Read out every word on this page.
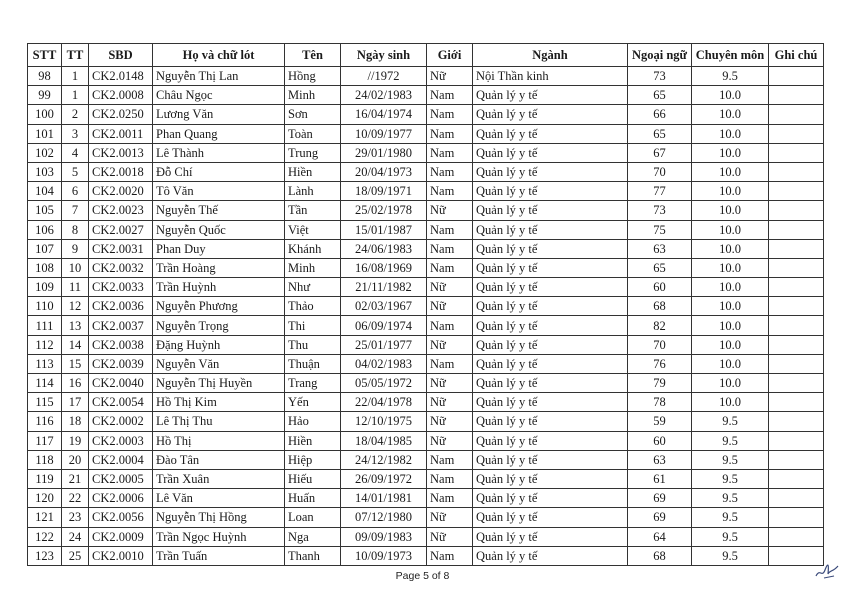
STT	TT	SBD	Họ và chữ lót	Tên	Ngày sinh	Giới	Ngành	Ngoại ngữ	Chuyên môn	Ghi chú
98	1	CK2.0148	Nguyễn Thị Lan	Hồng	//1972	Nữ	Nội Thần kinh	73	9.5	
99	1	CK2.0008	Châu Ngọc	Minh	24/02/1983	Nam	Quản lý y tế	65	10.0	
100	2	CK2.0250	Lương Văn	Sơn	16/04/1974	Nam	Quản lý y tế	66	10.0	
101	3	CK2.0011	Phan Quang	Toàn	10/09/1977	Nam	Quản lý y tế	65	10.0	
102	4	CK2.0013	Lê Thành	Trung	29/01/1980	Nam	Quản lý y tế	67	10.0	
103	5	CK2.0018	Đỗ Chí	Hiền	20/04/1973	Nam	Quản lý y tế	70	10.0	
104	6	CK2.0020	Tô Văn	Lành	18/09/1971	Nam	Quản lý y tế	77	10.0	
105	7	CK2.0023	Nguyễn Thế	Tần	25/02/1978	Nữ	Quản lý y tế	73	10.0	
106	8	CK2.0027	Nguyễn Quốc	Việt	15/01/1987	Nam	Quản lý y tế	75	10.0	
107	9	CK2.0031	Phan Duy	Khánh	24/06/1983	Nam	Quản lý y tế	63	10.0	
108	10	CK2.0032	Trần Hoàng	Minh	16/08/1969	Nam	Quản lý y tế	65	10.0	
109	11	CK2.0033	Trần Huỳnh	Như	21/11/1982	Nữ	Quản lý y tế	60	10.0	
110	12	CK2.0036	Nguyễn Phương	Thảo	02/03/1967	Nữ	Quản lý y tế	68	10.0	
111	13	CK2.0037	Nguyễn Trọng	Thi	06/09/1974	Nam	Quản lý y tế	82	10.0	
112	14	CK2.0038	Đặng Huỳnh	Thu	25/01/1977	Nữ	Quản lý y tế	70	10.0	
113	15	CK2.0039	Nguyễn Văn	Thuận	04/02/1983	Nam	Quản lý y tế	76	10.0	
114	16	CK2.0040	Nguyễn Thị Huyền	Trang	05/05/1972	Nữ	Quản lý y tế	79	10.0	
115	17	CK2.0054	Hồ Thị Kim	Yến	22/04/1978	Nữ	Quản lý y tế	78	10.0	
116	18	CK2.0002	Lê Thị Thu	Hảo	12/10/1975	Nữ	Quản lý y tế	59	9.5	
117	19	CK2.0003	Hồ Thị	Hiền	18/04/1985	Nữ	Quản lý y tế	60	9.5	
118	20	CK2.0004	Đào Tân	Hiệp	24/12/1982	Nam	Quản lý y tế	63	9.5	
119	21	CK2.0005	Trần Xuân	Hiếu	26/09/1972	Nam	Quản lý y tế	61	9.5	
120	22	CK2.0006	Lê Văn	Huấn	14/01/1981	Nam	Quản lý y tế	69	9.5	
121	23	CK2.0056	Nguyễn Thị Hồng	Loan	07/12/1980	Nữ	Quản lý y tế	69	9.5	
122	24	CK2.0009	Trần Ngọc Huỳnh	Nga	09/09/1983	Nữ	Quản lý y tế	64	9.5	
123	25	CK2.0010	Trần Tuấn	Thanh	10/09/1973	Nam	Quản lý y tế	68	9.5	
Page 5 of 8
